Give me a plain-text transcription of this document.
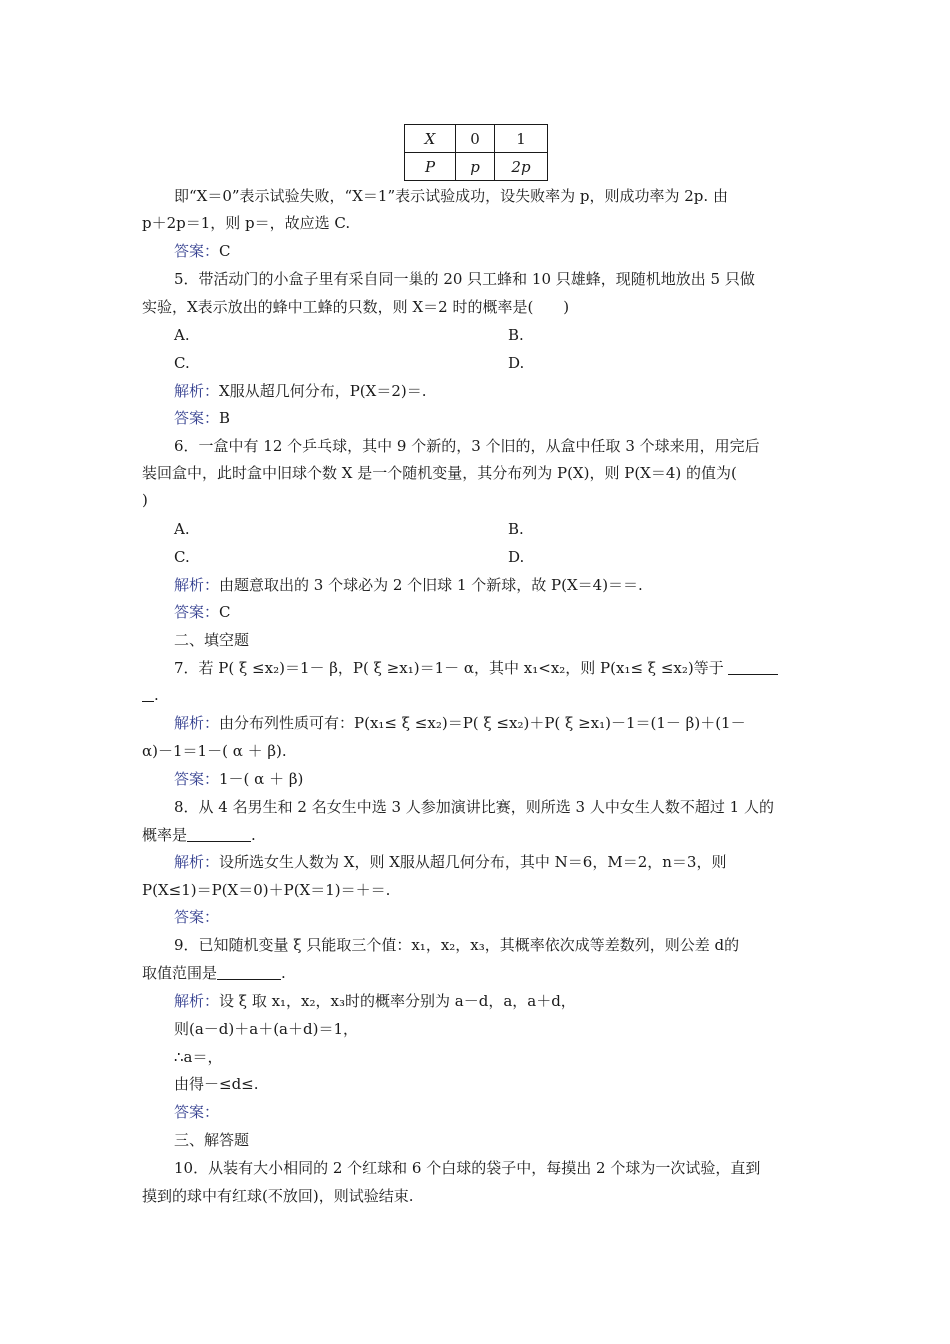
X	0	1
P	p	2p
即“X＝0”表示试验失败，“X＝1”表示试验成功，设失败率为 p，则成功率为 2p. 由
p＋2p＝1，则 p＝，故应选 C.
答案：C
5．带活动门的小盒子里有采自同一巢的 20 只工蜂和 10 只雄蜂，现随机地放出 5 只做
实验，X表示放出的蜂中工蜂的只数，则 X＝2 时的概率是(　　)
A.	B.
C.	D.
解析：X服从超几何分布，P(X＝2)＝.
答案：B
6．一盒中有 12 个乒乓球，其中 9 个新的，3 个旧的，从盒中任取 3 个球来用，用完后
装回盒中，此时盒中旧球个数 X 是一个随机变量，其分布列为 P(X)，则 P(X＝4) 的值为(
)
A.	B.
C.	D.
解析：由题意取出的 3 个球必为 2 个旧球 1 个新球，故 P(X＝4)＝＝.
答案：C
二、填空题
7．若 P( ξ ≤x₂)＝1－ β，P( ξ ≥x₁)＝1－ α，其中 x₁<x₂，则 P(x₁≤ ξ ≤x₂)等于
.
解析：由分布列性质可有：P(x₁≤ ξ ≤x₂)＝P( ξ ≤x₂)＋P( ξ ≥x₁)－1＝(1－ β)＋(1－
α)－1＝1－( α ＋ β).
答案：1－( α ＋ β)
8．从 4 名男生和 2 名女生中选 3 人参加演讲比赛，则所选 3 人中女生人数不超过 1 人的
概率是	.
解析：设所选女生人数为 X，则 X服从超几何分布，其中 N＝6，M＝2，n＝3，则
P(X≤1)＝P(X＝0)＋P(X＝1)＝＋＝.
答案：
9．已知随机变量 ξ 只能取三个值：x₁，x₂，x₃，其概率依次成等差数列，则公差 d的
取值范围是	.
解析：设 ξ 取 x₁，x₂，x₃时的概率分别为 a－d，a，a＋d，
则(a－d)＋a＋(a＋d)＝1，
∴a＝，
由得－≤d≤.
答案：
三、解答题
10．从装有大小相同的 2 个红球和 6 个白球的袋子中，每摸出 2 个球为一次试验，直到
摸到的球中有红球(不放回)，则试验结束.
